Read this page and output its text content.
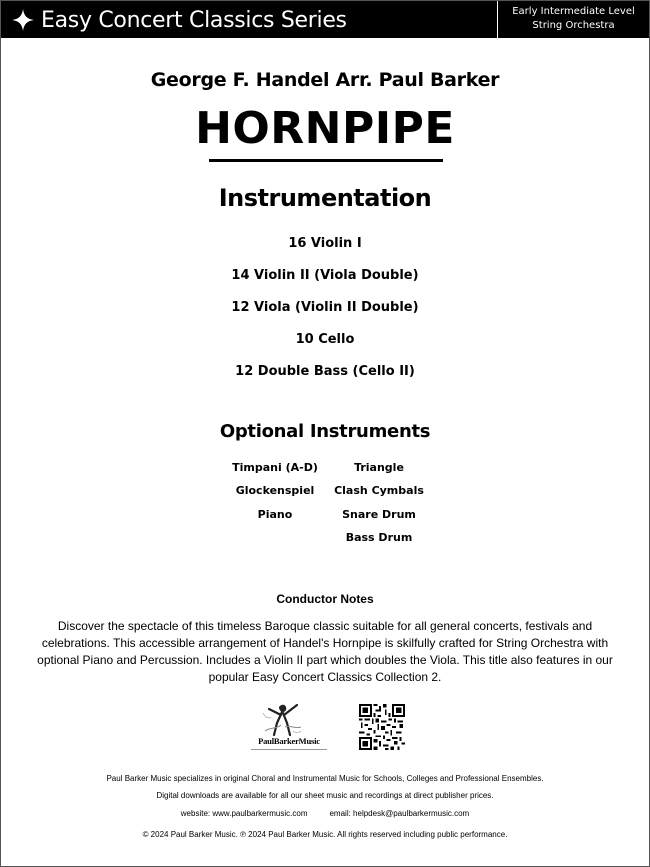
Easy Concert Classics Series	Early Intermediate Level
String Orchestra
George F. Handel Arr. Paul Barker
HORNPIPE
Instrumentation
16 Violin I
14 Violin II (Viola Double)
12 Viola (Violin II Double)
10 Cello
12 Double Bass (Cello II)
Optional Instruments
Timpani (A-D)
Glockenspiel
Piano
Triangle
Clash Cymbals
Snare Drum
Bass Drum
Conductor Notes
Discover the spectacle of this timeless Baroque classic suitable for all general concerts, festivals and celebrations. This accessible arrangement of Handel's Hornpipe is skilfully crafted for String Orchestra with optional Piano and Percussion. Includes a Violin II part which doubles the Viola. This title also features in our popular Easy Concert Classics Collection 2.
PaulBarkerMusic
Paul Barker Music specializes in original Choral and Instrumental Music for Schools, Colleges and Professional Ensembles.
Digital downloads are available for all our sheet music and recordings at direct publisher prices.
website: www.paulbarkermusic.com	email: helpdesk@paulbarkermusic.com
© 2024 Paul Barker Music. ℗ 2024 Paul Barker Music. All rights reserved including public performance.
